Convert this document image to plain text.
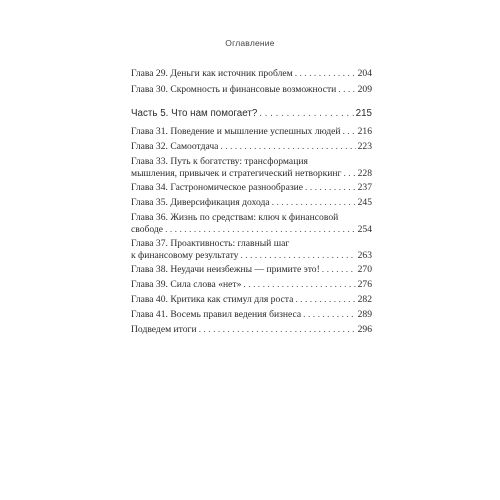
Оглавление
Глава 29. Деньги как источник проблем . . .	204
Глава 30. Скромность и финансовые возможности . . . 209
Часть 5. Что нам помогает? . . .	215
Глава 31. Поведение и мышление успешных людей . . . 216
Глава 32. Самоотдача . . .	223
Глава 33. Путь к богатству: трансформация
мышления, привычек и стратегический нетворкинг . . . 228
Глава 34. Гастрономическое разнообразие . . .	237
Глава 35. Диверсификация дохода . . .	245
Глава 36. Жизнь по средствам: ключ к финансовой
свободе . . .	254
Глава 37. Проактивность: главный шаг
к финансовому результату . . .	263
Глава 38. Неудачи неизбежны — примите это! . . .	270
Глава 39. Сила слова «нет» . . .	276
Глава 40. Критика как стимул для роста . . .	282
Глава 41. Восемь правил ведения бизнеса . . .	289
Подведем итоги . . .	296
